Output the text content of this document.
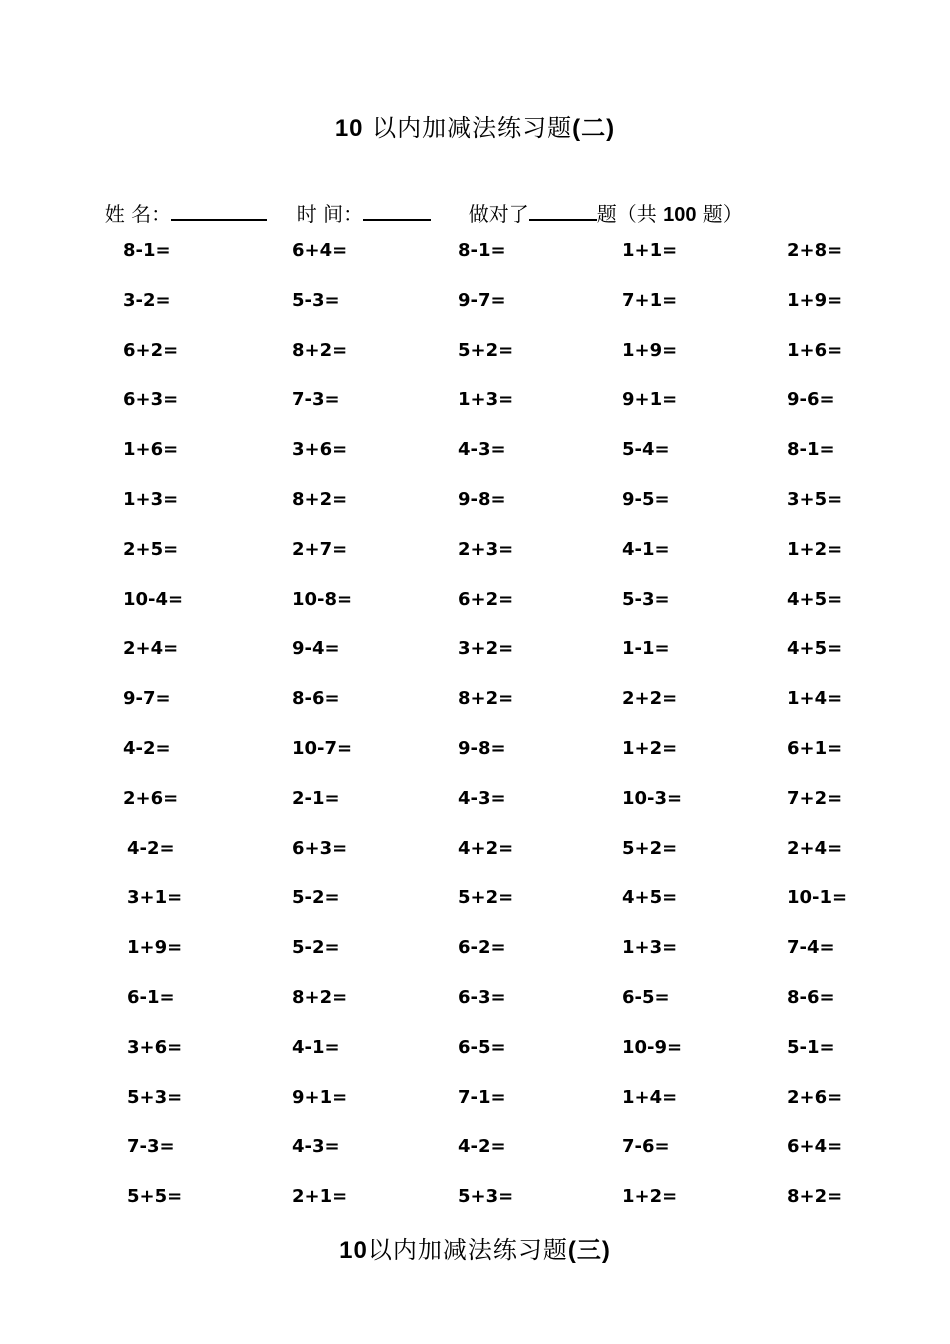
10 以内加减法练习题(二)

姓 名：	时 间：	做对了	题（共 100 题）

8-1=	6+4=	8-1=	1+1=	2+8=
3-2=	5-3=	9-7=	7+1=	1+9=
6+2=	8+2=	5+2=	1+9=	1+6=
6+3=	7-3=	1+3=	9+1=	9-6=
1+6=	3+6=	4-3=	5-4=	8-1=
1+3=	8+2=	9-8=	9-5=	3+5=
2+5=	2+7=	2+3=	4-1=	1+2=
10-4=	10-8=	6+2=	5-3=	4+5=
2+4=	9-4=	3+2=	1-1=	4+5=
9-7=	8-6=	8+2=	2+2=	1+4=
4-2=	10-7=	9-8=	1+2=	6+1=
2+6=	2-1=	4-3=	10-3=	7+2=
4-2=	6+3=	4+2=	5+2=	2+4=
3+1=	5-2=	5+2=	4+5=	10-1=
1+9=	5-2=	6-2=	1+3=	7-4=
6-1=	8+2=	6-3=	6-5=	8-6=
3+6=	4-1=	6-5=	10-9=	5-1=
5+3=	9+1=	7-1=	1+4=	2+6=
7-3=	4-3=	4-2=	7-6=	6+4=
5+5=	2+1=	5+3=	1+2=	8+2=
10以内加减法练习题(三)
